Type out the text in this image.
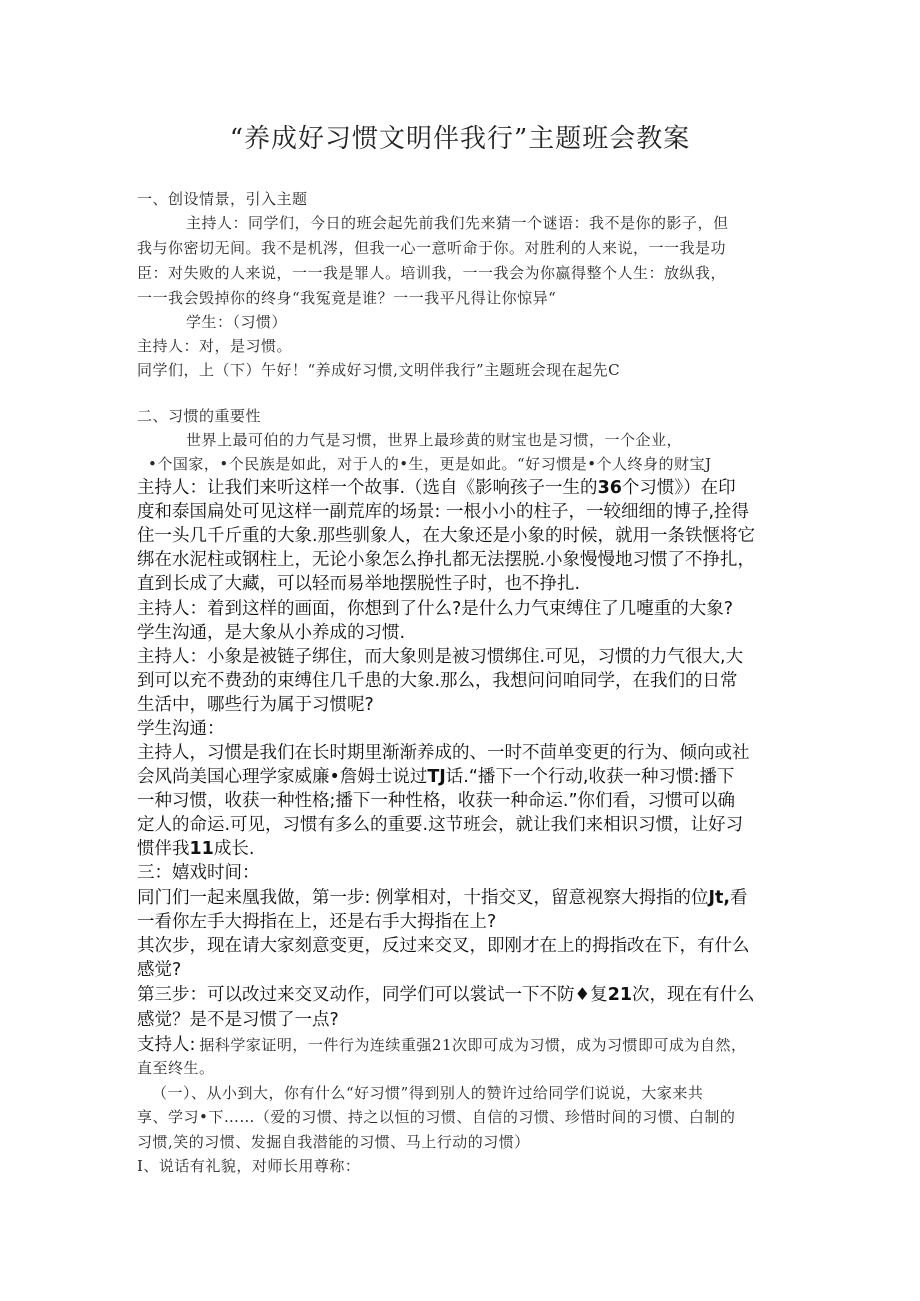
“养成好习惯文明伴我行”主题班会教案
一、创设情景，引入主题
主持人：同学们，今日的班会起先前我们先来猜一个谜语：我不是你的影子，但
我与你密切无间。我不是机涔，但我一心一意听命于你。对胜利的人来说，一一我是功
臣：对失败的人来说，一一我是罪人。培训我，一一我会为你嬴得整个人生：放纵我，
一一我会毁掉你的终身“我冤竟是谁？一一我平凡得让你惊异“
学生：（习惯）
主持人：对，是习惯。
同学们，上（下）午好！“养成好习惯,文明伴我行”主题班会现在起先C
二、习惯的重要性
世界上最可伯的力气是习惯，世界上最珍黄的财宝也是习惯，一个企业，
•个国家，•个民族是如此，对于人的•生，更是如此。“好习惯是•个人终身的财宝J
主持人：让我们来听这样一个故事.（选自《影响孩子一生的36个习惯》）在印
度和泰国扁处可见这样一副荒库的场景: 一根小小的柱子，一较细细的博子,拴得
住一头几千斤重的大象.那些驯象人，在大象还是小象的时候，就用一条铁惬将它
绑在水泥柱或钢柱上，无论小象怎么挣扎都无法摆脱.小象慢慢地习惯了不挣扎，
直到长成了大藏，可以轻而易举地摆脱性子时，也不挣扎.
主持人：着到这样的画面，你想到了什么?是什么力气束缚住了几嚏重的大象?
学生沟通，是大象从小养成的习惯.
主持人：小象是被链子绑住，而大象则是被习惯绑住.可见，习惯的力气很大,大
到可以充不费劲的束缚住几千患的大象.那么，我想问问咱同学，在我们的日常
生活中，哪些行为属于习惯呢?
学生沟通：
主持人，习惯是我们在长时期里渐渐养成的、一时不茴单变更的行为、倾向或社
会风尚美国心理学家威廉•詹姆士说过TJ话.“播下一个行动,收获一种习惯:播下
一种习惯，收获一种性格;播下一种性格，收获一种命运.”你们看，习惯可以确
定人的命运.可见，习惯有多么的重要.这节班会，就让我们来相识习惯，让好习
惯伴我11成长.
三：嬉戏时间：
同门们一起来凰我做，第一步: 例掌相对，十指交叉，留意视察大拇指的位Jt,看
一看你左手大拇指在上，还是右手大拇指在上?
其次步，现在请大家刻意变更，反过来交叉，即刚才在上的拇指改在下，有什么
感觉?
第三步：可以改过来交叉动作，同学们可以裳试一下不防♦复21次，现在有什么
感觉？是不是习惯了一点?
支持人: 据科学家证明，一件行为连续重强21次即可成为习惯，成为习惯即可成为自然，
直至终生。
（一）、从小到大，你有什么“好习惯”得到别人的赞许过给同学们说说，大家来共
享、学习•下……（爱的习惯、持之以恒的习惯、自信的习惯、珍惜时间的习惯、白制的
习惯,笑的习惯、发掘自我潜能的习惯、马上行动的习惯）
I、说话有礼貌，对师长用尊称：
